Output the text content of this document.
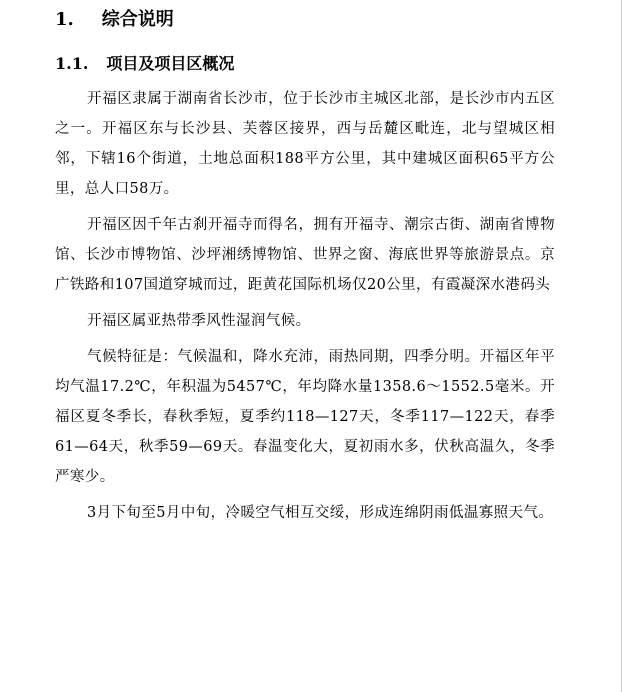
1. 综合说明
1.1. 项目及项目区概况

开福区隶属于湖南省长沙市，位于长沙市主城区北部，是长沙市内五区之一。开福区东与长沙县、芙蓉区接界，西与岳麓区毗连，北与望城区相邻，下辖16个街道，土地总面积188平方公里，其中建城区面积65平方公里，总人口58万。

开福区因千年古刹开福寺而得名，拥有开福寺、潮宗古街、湖南省博物馆、长沙市博物馆、沙坪湘绣博物馆、世界之窗、海底世界等旅游景点。京广铁路和107国道穿城而过，距黄花国际机场仅20公里，有霞凝深水港码头

开福区属亚热带季风性湿润气候。

气候特征是：气候温和，降水充沛，雨热同期，四季分明。开福区年平均气温17.2℃，年积温为5457℃，年均降水量1358.6～1552.5毫米。开福区夏冬季长，春秋季短，夏季约118—127天，冬季117—122天，春季61—64天，秋季59—69天。春温变化大，夏初雨水多，伏秋高温久，冬季严寒少。

3月下旬至5月中旬，冷暖空气相互交绥，形成连绵阴雨低温寡照天气。
